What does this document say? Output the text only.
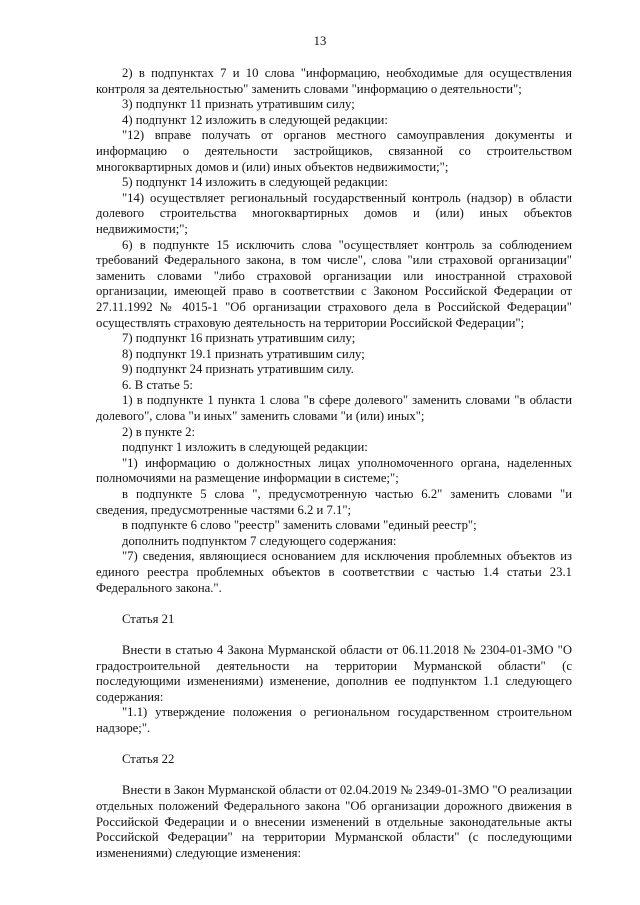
13

2) в подпунктах 7 и 10 слова "информацию, необходимые для осуществления контроля за деятельностью" заменить словами "информацию о деятельности";

3) подпункт 11 признать утратившим силу;

4) подпункт 12 изложить в следующей редакции:

"12) вправе получать от органов местного самоуправления документы и информацию о деятельности застройщиков, связанной со строительством многоквартирных домов и (или) иных объектов недвижимости;";

5) подпункт 14 изложить в следующей редакции:

"14) осуществляет региональный государственный контроль (надзор) в области долевого строительства многоквартирных домов и (или) иных объектов недвижимости;";

6) в подпункте 15 исключить слова "осуществляет контроль за соблюдением требований Федерального закона, в том числе", слова "или страховой организации" заменить словами "либо страховой организации или иностранной страховой организации, имеющей право в соответствии с Законом Российской Федерации от 27.11.1992 № 4015-1 "Об организации страхового дела в Российской Федерации" осуществлять страховую деятельность на территории Российской Федерации";

7) подпункт 16 признать утратившим силу;

8) подпункт 19.1 признать утратившим силу;

9) подпункт 24 признать утратившим силу.

6. В статье 5:

1) в подпункте 1 пункта 1 слова "в сфере долевого" заменить словами "в области долевого", слова "и иных" заменить словами "и (или) иных";

2) в пункте 2:

подпункт 1 изложить в следующей редакции:

"1) информацию о должностных лицах уполномоченного органа, наделенных полномочиями на размещение информации в системе;";

в подпункте 5 слова ", предусмотренную частью 6.2" заменить словами "и сведения, предусмотренные частями 6.2 и 7.1";

в подпункте 6 слово "реестр" заменить словами "единый реестр";

дополнить подпунктом 7 следующего содержания:

"7) сведения, являющиеся основанием для исключения проблемных объектов из единого реестра проблемных объектов в соответствии с частью 1.4 статьи 23.1 Федерального закона.".

Статья 21

Внести в статью 4 Закона Мурманской области от 06.11.2018 № 2304-01-ЗМО "О градостроительной деятельности на территории Мурманской области" (с последующими изменениями) изменение, дополнив ее подпунктом 1.1 следующего содержания:

"1.1) утверждение положения о региональном государственном строительном надзоре;".

Статья 22

Внести в Закон Мурманской области от 02.04.2019 № 2349-01-ЗМО "О реализации отдельных положений Федерального закона "Об организации дорожного движения в Российской Федерации и о внесении изменений в отдельные законодательные акты Российской Федерации" на территории Мурманской области" (с последующими изменениями) следующие изменения:
